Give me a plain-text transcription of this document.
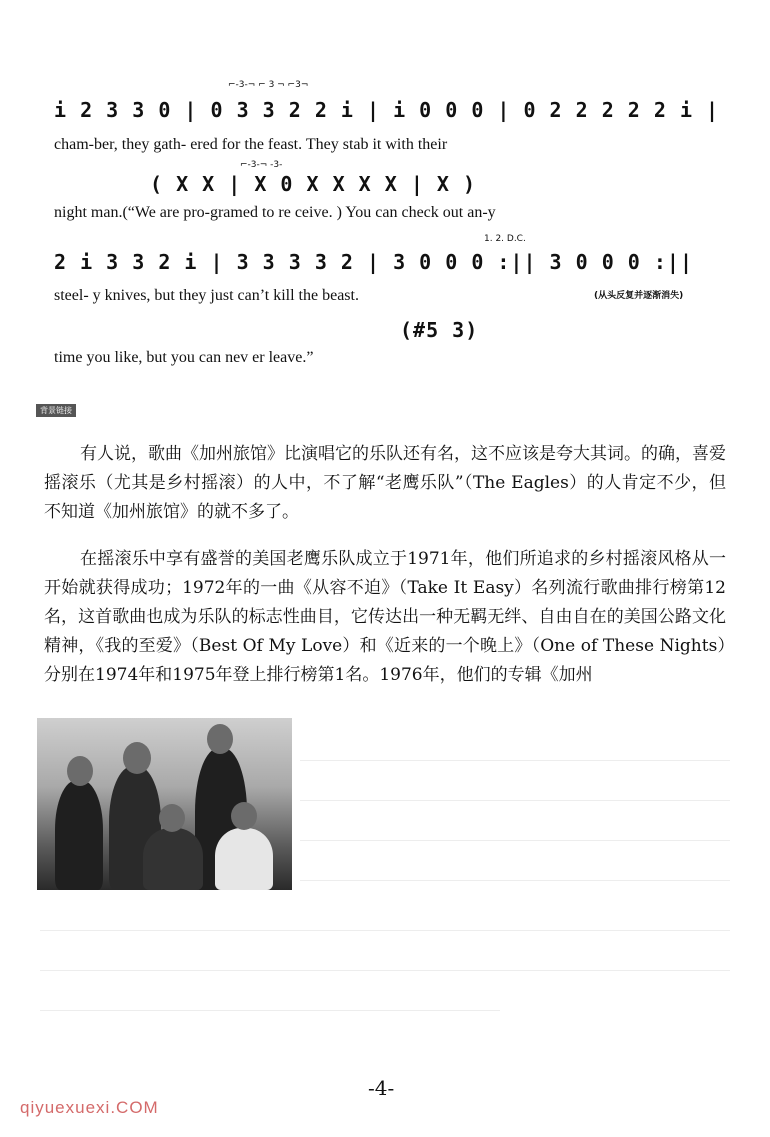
⌐-3-¬ ⌐ 3 ¬ ⌐3¬
i 2 3 3 0 | 0 3 3 2 2 i | i 0 0 0 | 0 2 2 2 2 2 i |
cham-ber, they gath- ered for the feast. They stab it with their
⌐-3-¬ -3-
( X X | X 0 X X X X | X )
night man.(“We are pro-gramed to re ceive. ) You can check out an-y
1. 2. D.C.
2 i 3 3 2 i | 3 3 3 3 2 | 3 0 0 0 :|| 3 0 0 0 :||
steel- y knives, but they just can’t kill the beast.	(从头反复并逐渐消失)
(#5 3)
time you like, but you can nev er leave.”
背景链接
有人说，歌曲《加州旅馆》比演唱它的乐队还有名，这不应该是夸大其词。的确，喜爱摇滚乐（尤其是乡村摇滚）的人中，不了解“老鹰乐队”（The Eagles）的人肯定不少，但不知道《加州旅馆》的就不多了。
在摇滚乐中享有盛誉的美国老鹰乐队成立于1971年，他们所追求的乡村摇滚风格从一开始就获得成功；1972年的一曲《从容不迫》（Take It Easy）名列流行歌曲排行榜第12名，这首歌曲也成为乐队的标志性曲目，它传达出一种无羁无绊、自由自在的美国公路文化精神，《我的至爱》（Best Of My Love）和《近来的一个晚上》（One of These Nights）分别在1974年和1975年登上排行榜第1名。1976年，他们的专辑《加州
-4-
qiyuexuexi.COM
